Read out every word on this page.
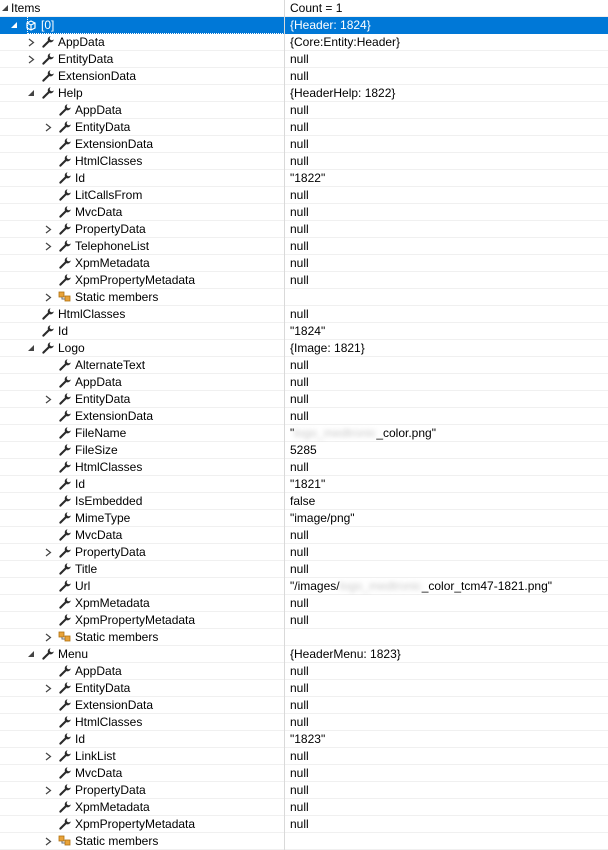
Items	Count = 1
[0]	{Header: 1824}
AppData	{Core:Entity:Header}
EntityData	null
ExtensionData	null
Help	{HeaderHelp: 1822}
AppData	null
EntityData	null
ExtensionData	null
HtmlClasses	null
Id	"1822"
LitCallsFrom	null
MvcData	null
PropertyData	null
TelephoneList	null
XpmMetadata	null
XpmPropertyMetadata	null
Static members
HtmlClasses	null
Id	"1824"
Logo	{Image: 1821}
AlternateText	null
AppData	null
EntityData	null
ExtensionData	null
FileName	"logo_medtronic_color.png"
FileSize	5285
HtmlClasses	null
Id	"1821"
IsEmbedded	false
MimeType	"image/png"
MvcData	null
PropertyData	null
Title	null
Url	"/images/logo_medtronic_color_tcm47-1821.png"
XpmMetadata	null
XpmPropertyMetadata	null
Static members
Menu	{HeaderMenu: 1823}
AppData	null
EntityData	null
ExtensionData	null
HtmlClasses	null
Id	"1823"
LinkList	null
MvcData	null
PropertyData	null
XpmMetadata	null
XpmPropertyMetadata	null
Static members
